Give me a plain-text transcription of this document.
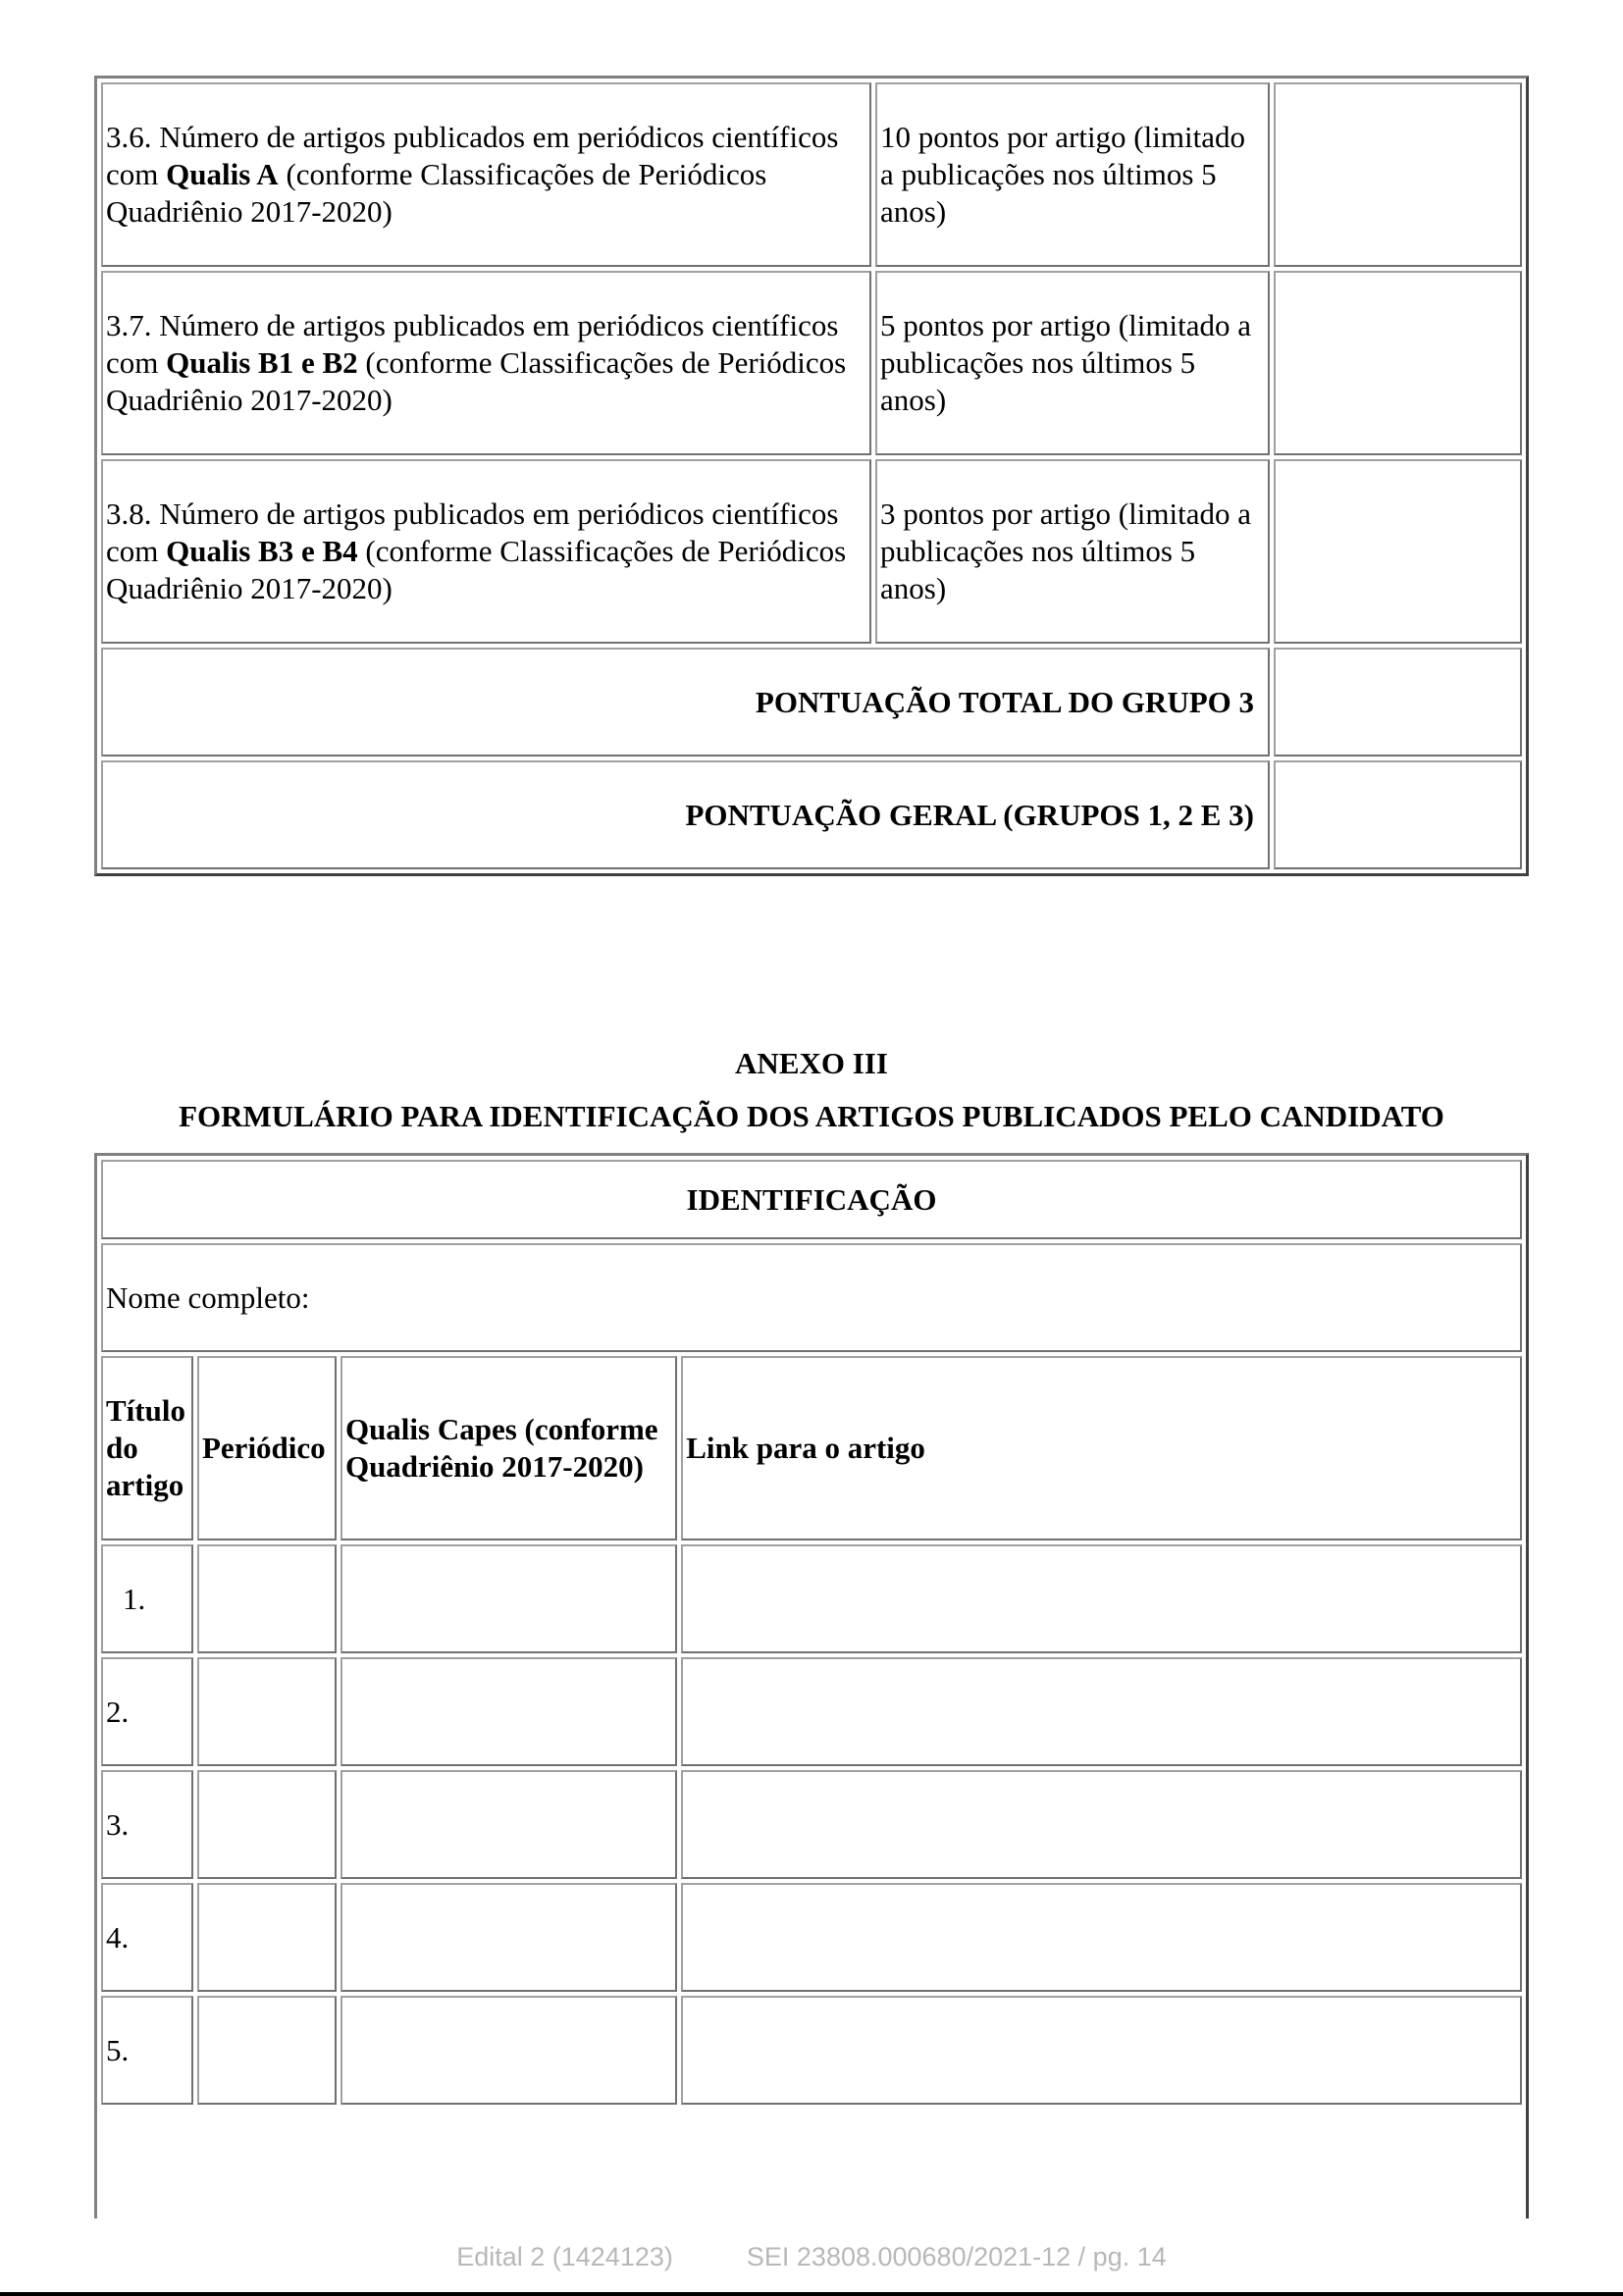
3.6. Número de artigos publicados em periódicos científicos com Qualis A (conforme Classificações de Periódicos Quadriênio 2017-2020)	10 pontos por artigo (limitado a publicações nos últimos 5 anos)	
3.7. Número de artigos publicados em periódicos científicos com Qualis B1 e B2 (conforme Classificações de Periódicos Quadriênio 2017-2020)	5 pontos por artigo (limitado a publicações nos últimos 5 anos)	
3.8. Número de artigos publicados em periódicos científicos com Qualis B3 e B4 (conforme Classificações de Periódicos Quadriênio 2017-2020)	3 pontos por artigo (limitado a publicações nos últimos 5 anos)	
PONTUAÇÃO TOTAL DO GRUPO 3		
PONTUAÇÃO GERAL (GRUPOS 1, 2 E 3)		
ANEXO III
FORMULÁRIO PARA IDENTIFICAÇÃO DOS ARTIGOS PUBLICADOS PELO CANDIDATO
IDENTIFICAÇÃO			
Nome completo:			
Título do artigo	Periódico	Qualis Capes (conforme Quadriênio 2017-2020)	Link para o artigo
1.			
2.			
3.			
4.			
5.			
Edital 2 (1424123)	SEI 23808.000680/2021-12 / pg. 14
